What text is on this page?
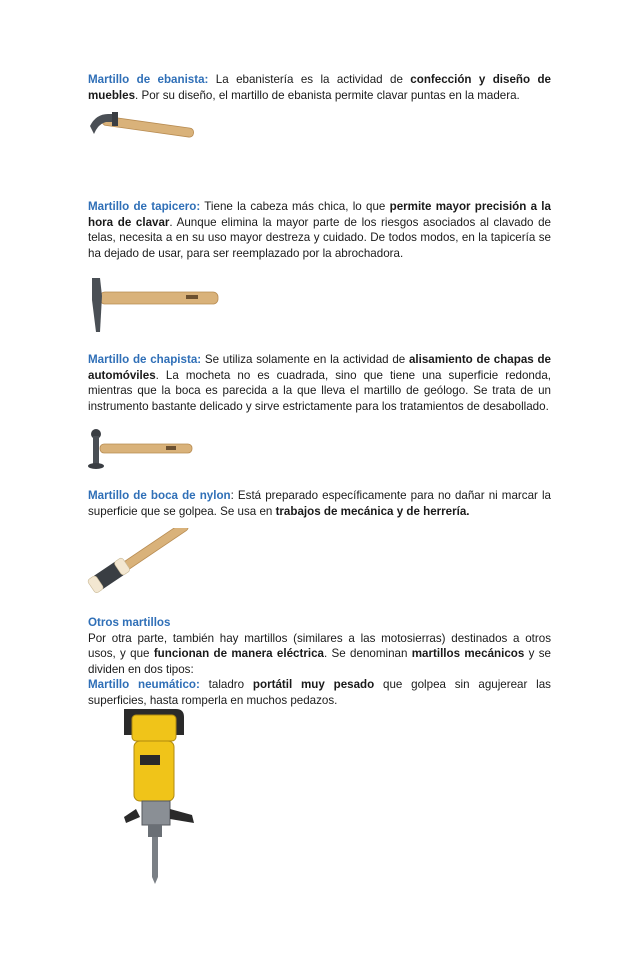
Martillo de ebanista: La ebanistería es la actividad de confección y diseño de muebles. Por su diseño, el martillo de ebanista permite clavar puntas en la madera.
Martillo de tapicero: Tiene la cabeza más chica, lo que permite mayor precisión a la hora de clavar. Aunque elimina la mayor parte de los riesgos asociados al clavado de telas, necesita a en su uso mayor destreza y cuidado. De todos modos, en la tapicería se ha dejado de usar, para ser reemplazado por la abrochadora.
Martillo de chapista: Se utiliza solamente en la actividad de alisamiento de chapas de automóviles. La mocheta no es cuadrada, sino que tiene una superficie redonda, mientras que la boca es parecida a la que lleva el martillo de geólogo. Se trata de un instrumento bastante delicado y sirve estrictamente para los tratamientos de desabollado.
Martillo de boca de nylon: Está preparado específicamente para no dañar ni marcar la superficie que se golpea. Se usa en trabajos de mecánica y de herrería.
Otros martillos
Por otra parte, también hay martillos (similares a las motosierras) destinados a otros usos, y que funcionan de manera eléctrica. Se denominan martillos mecánicos y se dividen en dos tipos:
Martillo neumático: taladro portátil muy pesado que golpea sin agujerear las superficies, hasta romperla en muchos pedazos.
